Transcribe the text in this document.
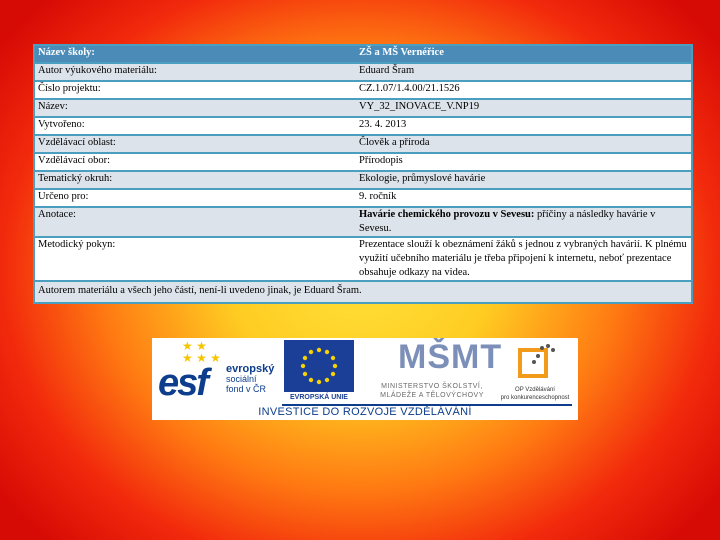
Název školy:	ZŠ a MŠ Vernéřice
Autor výukového materiálu:	Eduard Šram
Číslo projektu:	CZ.1.07/1.4.00/21.1526
Název:	VY_32_INOVACE_V.NP19
Vytvořeno:	23. 4. 2013
Vzdělávací oblast:	Člověk a příroda
Vzdělávací obor:	Přírodopis
Tematický okruh:	Ekologie, průmyslové havárie
Určeno pro:	9. ročník
Anotace:	Havárie chemického provozu v Sevesu: příčiny a následky havárie v Sevesu.
Metodický pokyn:	Prezentace slouží k obeznámení žáků s jednou z vybraných havárií. K plnému využití učebního materiálu je třeba připojení k internetu, neboť prezentace obsahuje odkazy na videa.
Autorem materiálu a všech jeho částí, není-li uvedeno jinak, je Eduard Šram.	
★ ★
★ ★ ★
esf evropský
sociální
fond v ČR
EVROPSKÁ UNIE
MŠMT
MINISTERSTVO ŠKOLSTVÍ,
MLÁDEŽE A TĚLOVÝCHOVY
OP Vzdělávání
pro konkurenceschopnost
INVESTICE DO ROZVOJE VZDĚLÁVÁNÍ
